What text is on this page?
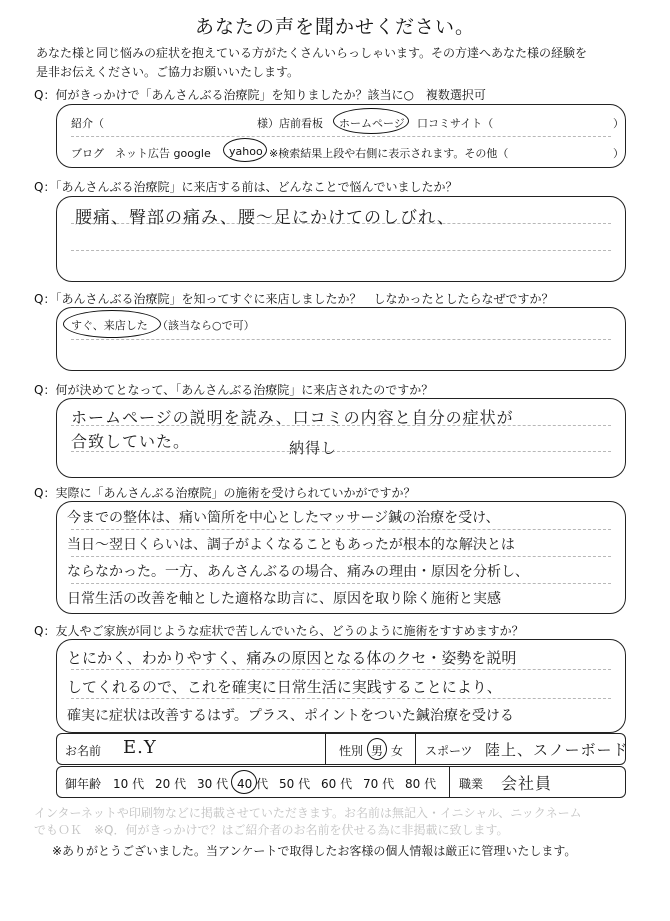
あなたの声を聞かせください。
あなた様と同じ悩みの症状を抱えている方がたくさんいらっしゃいます。その方達へあなた様の経験を
是非お伝えください。ご協力お願いいたします。
Q：何がきっかけで「あんさんぶる治療院」を知りましたか？該当に○　複数選択可
紹介（	様）店前看板 ホームページ 口コミサイト（	）
ブログ　ネット広告 google yahoo ※検索結果上段や右側に表示されます。その他（	）
Q：「あんさんぶる治療院」に来店する前は、どんなことで悩んでいましたか？
腰痛、臀部の痛み、腰～足にかけてのしびれ、
Q：「あんさんぶる治療院」を知ってすぐに来店しましたか？　しなかったとしたらなぜですか？
すぐ、来店した （該当なら○で可）
Q：何が決めてとなって、「あんさんぶる治療院」に来店されたのですか？
ホームページの説明を読み、口コミの内容と自分の症状が
合致していた。	納得し
Q：実際に「あんさんぶる治療院」の施術を受けられていかがですか？
今までの整体は、痛い箇所を中心としたマッサージ鍼の治療を受け、
当日～翌日くらいは、調子がよくなることもあったが根本的な解決とは
ならなかった。一方、あんさんぶるの場合、痛みの理由・原因を分析し、
日常生活の改善を軸とした適格な助言に、原因を取り除く施術と実感
Q：友人やご家族が同じような症状で苦しんでいたら、どうのように施術をすすめますか？
とにかく、わかりやすく、痛みの原因となる体のクセ・姿勢を説明
してくれるので、これを確実に日常生活に実践することにより、
確実に症状は改善するはず。プラス、ポイントをついた鍼治療を受ける
お名前 E.Y	性別 男 女 スポーツ 陸上、スノーボード
御年齢 10 代 20 代 30 代 40 代 50 代 60 代 70 代 80 代 職業 会社員
インターネットや印刷物などに掲載させていただきます。お名前は無記入・イニシャル、ニックネーム
でもＯＫ　※Q．何がきっかけで？はご紹介者のお名前を伏せる為に非掲載に致します。
※ありがとうございました。当アンケートで取得したお客様の個人情報は厳正に管理いたします。
